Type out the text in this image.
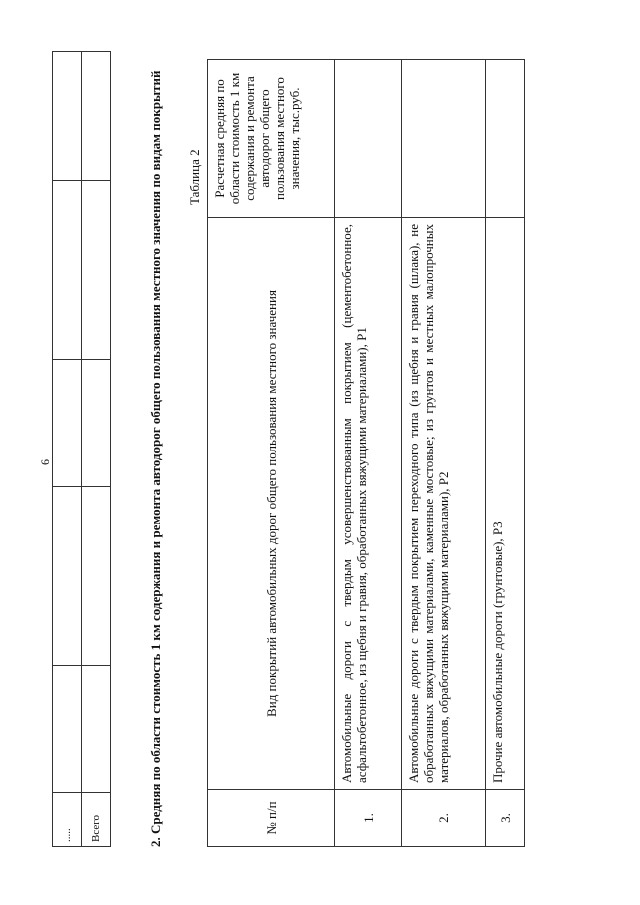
.....					
Всего					
6	2. Средняя по области стоимость 1 км содержания и ремонта автодорог общего пользования местного значения по видам покрытий Таблица 2
№ п/п	Вид покрытий автомобильных дорог общего пользования местного значения	Расчетная средняя по области стоимость 1 км содержания и ремонта автодорог общего пользования местного значения, тыс.руб.
1.	Автомобильные дороги с твердым усовершенствованным покрытием (цементобетонное, асфальтобетонное, из щебня и гравия, обработанных вяжущими материалами), Р1	
2.	Автомобильные дороги с твердым покрытием переходного типа (из щебня и гравия (шлака), не обработанных вяжущими материалами, каменные мостовые; из грунтов и местных малопрочных материалов, обработанных вяжущими материалами), Р2	
3.	Прочие автомобильные дороги (грунтовые), Р3	
